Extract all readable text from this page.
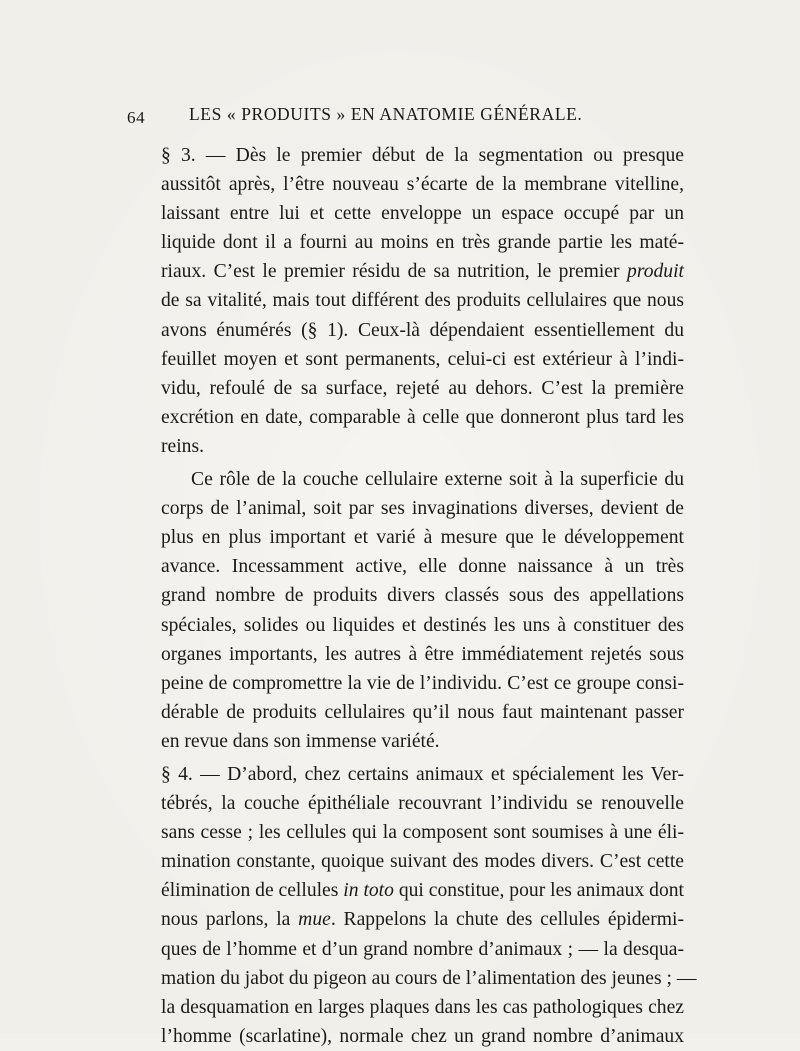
64	LES « PRODUITS » EN ANATOMIE GÉNÉRALE.

§ 3. — Dès le premier début de la segmentation ou presque
aussitôt après, l’être nouveau s’écarte de la membrane vitelline,
laissant entre lui et cette enveloppe un espace occupé par un
liquide dont il a fourni au moins en très grande partie les maté-
riaux. C’est le premier résidu de sa nutrition, le premier produit
de sa vitalité, mais tout différent des produits cellulaires que nous
avons énumérés (§ 1). Ceux-là dépendaient essentiellement du
feuillet moyen et sont permanents, celui-ci est extérieur à l’indi-
vidu, refoulé de sa surface, rejeté au dehors. C’est la première
excrétion en date, comparable à celle que donneront plus tard les
reins.

Ce rôle de la couche cellulaire externe soit à la superficie du
corps de l’animal, soit par ses invaginations diverses, devient de
plus en plus important et varié à mesure que le développement
avance. Incessamment active, elle donne naissance à un très
grand nombre de produits divers classés sous des appellations
spéciales, solides ou liquides et destinés les uns à constituer des
organes importants, les autres à être immédiatement rejetés sous
peine de compromettre la vie de l’individu. C’est ce groupe consi-
dérable de produits cellulaires qu’il nous faut maintenant passer
en revue dans son immense variété.

§ 4. — D’abord, chez certains animaux et spécialement les Ver-
tébrés, la couche épithéliale recouvrant l’individu se renouvelle
sans cesse ; les cellules qui la composent sont soumises à une éli-
mination constante, quoique suivant des modes divers. C’est cette
élimination de cellules in toto qui constitue, pour les animaux dont
nous parlons, la mue. Rappelons la chute des cellules épidermi-
ques de l’homme et d’un grand nombre d’animaux ; — la desqua-
mation du jabot du pigeon au cours de l’alimentation des jeunes ; —
la desquamation en larges plaques dans les cas pathologiques chez
l’homme (scarlatine), normale chez un grand nombre d’animaux
